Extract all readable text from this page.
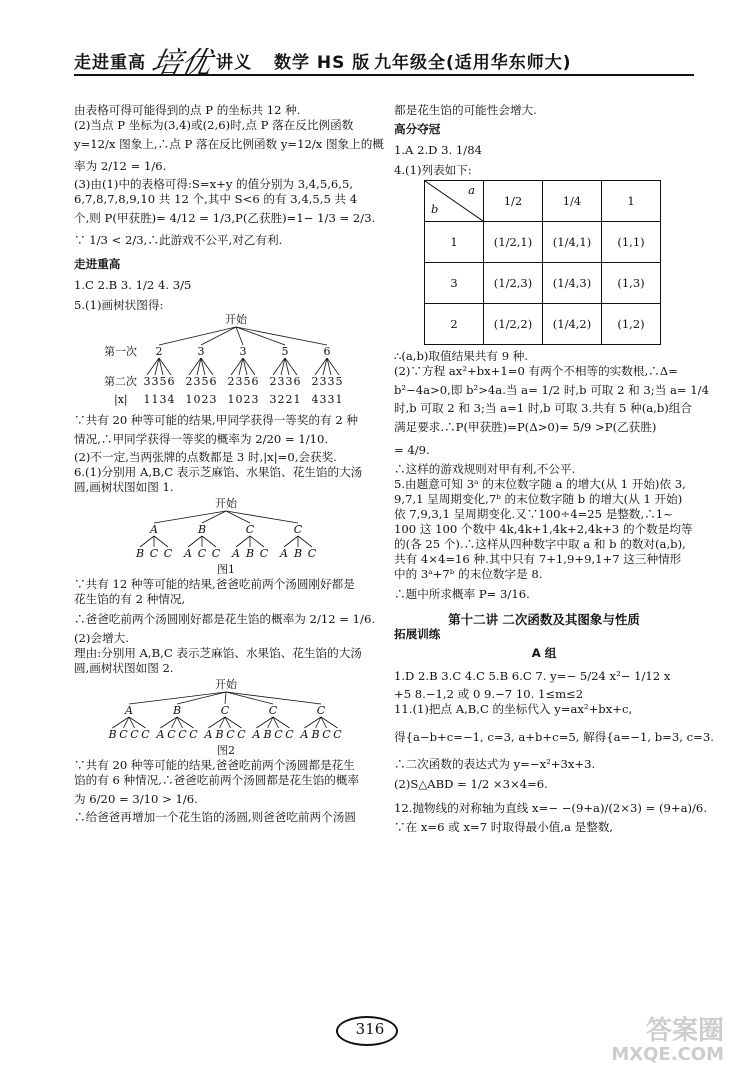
走进重高 培优 讲义 数学 HS 版 九年级全(适用华东师大)

由表格可得可能得到的点 P 的坐标共 12 种.

(2)当点 P 坐标为(3,4)或(2,6)时,点 P 落在反比例函数

y=12/x 图象上,∴点 P 落在反比例函数 y=12/x 图象上的概

率为 2/12 = 1/6.

(3)由(1)中的表格可得:S=x+y 的值分别为 3,4,5,6,5,

6,7,8,7,8,9,10 共 12 个,其中 S<6 的有 3,4,5,5 共 4

个,则 P(甲获胜)= 4/12 = 1/3,P(乙获胜)=1− 1/3 = 2/3.

∵ 1/3 < 2/3,∴此游戏不公平,对乙有利.

走进重高

1.C 2.B 3. 1/2 4. 3/5

5.(1)画树状图得:

开始
第一次
第二次
|x|
2
3
1
3
1
5
3
6
4
3
2
1
3
0
5
2
6
3
3
2
1
3
0
5
2
6
3
5
2
3
3
2
3
2
6
1
6
2
4
3
3
3
3
5
1

∵共有 20 种等可能的结果,甲同学获得一等奖的有 2 种

情况,∴甲同学获得一等奖的概率为 2/20 = 1/10.

(2)不一定,当两张牌的点数都是 3 时,|x|=0,会获奖.

6.(1)分别用 A,B,C 表示芝麻馅、水果馅、花生馅的大汤

圆,画树状图如图 1.

开始
A
B C C
B
A C C
C
A B C
C
A B C
图1

∵共有 12 种等可能的结果,爸爸吃前两个汤圆刚好都是

花生馅的有 2 种情况,

∴爸爸吃前两个汤圆刚好都是花生馅的概率为 2/12 = 1/6.

(2)会增大.

理由:分别用 A,B,C 表示芝麻馅、水果馅、花生馅的大汤

圆,画树状图如图 2.

开始
A
B C C C
B
A C C C
C
A B C C
C
A B C C
C
A B C C
图2

∵共有 20 种等可能的结果,爸爸吃前两个汤圆都是花生

馅的有 6 种情况,∴爸爸吃前两个汤圆都是花生馅的概率

为 6/20 = 3/10 > 1/6.

∴给爸爸再增加一个花生馅的汤圆,则爸爸吃前两个汤圆

都是花生馅的可能性会增大.

高分夺冠

1.A 2.D 3. 1/84

4.(1)列表如下:

a
b	1/2	1/4	1
1	(1/2,1)	(1/4,1)	(1,1)
3	(1/2,3)	(1/4,3)	(1,3)
2	(1/2,2)	(1/4,2)	(1,2)

∴(a,b)取值结果共有 9 种.

(2)∵方程 ax²+bx+1=0 有两个不相等的实数根,∴Δ=

b²−4a>0,即 b²>4a.当 a= 1/2 时,b 可取 2 和 3;当 a= 1/4

时,b 可取 2 和 3;当 a=1 时,b 可取 3.共有 5 种(a,b)组合

满足要求.∴P(甲获胜)=P(Δ>0)= 5/9 >P(乙获胜)

= 4/9.

∴这样的游戏规则对甲有利,不公平.

5.由题意可知 3ᵃ 的末位数字随 a 的增大(从 1 开始)依 3,

9,7,1 呈周期变化,7ᵇ 的末位数字随 b 的增大(从 1 开始)

依 7,9,3,1 呈周期变化.又∵100÷4=25 是整数,∴1~

100 这 100 个数中 4k,4k+1,4k+2,4k+3 的个数是均等

的(各 25 个).∴这样从四种数字中取 a 和 b 的数对(a,b),

共有 4×4=16 种.其中只有 7+1,9+9,1+7 这三种情形

中的 3ᵃ+7ᵇ 的末位数字是 8.

∴题中所求概率 P= 3/16.

第十二讲 二次函数及其图象与性质

拓展训练

A 组

1.D 2.B 3.C 4.C 5.B 6.C 7. y=− 5/24 x²− 1/12 x

+5 8.−1,2 或 0 9.−7 10. 1≤m≤2

11.(1)把点 A,B,C 的坐标代入 y=ax²+bx+c,

得{a−b+c=−1, c=3, a+b+c=5, 解得{a=−1, b=3, c=3.

∴二次函数的表达式为 y=−x²+3x+3.

(2)S△ABD = 1/2 ×3×4=6.

12.抛物线的对称轴为直线 x=− −(9+a)/(2×3) = (9+a)/6.

∵在 x=6 或 x=7 时取得最小值,a 是整数,

316	答案圈
MXQE.COM
